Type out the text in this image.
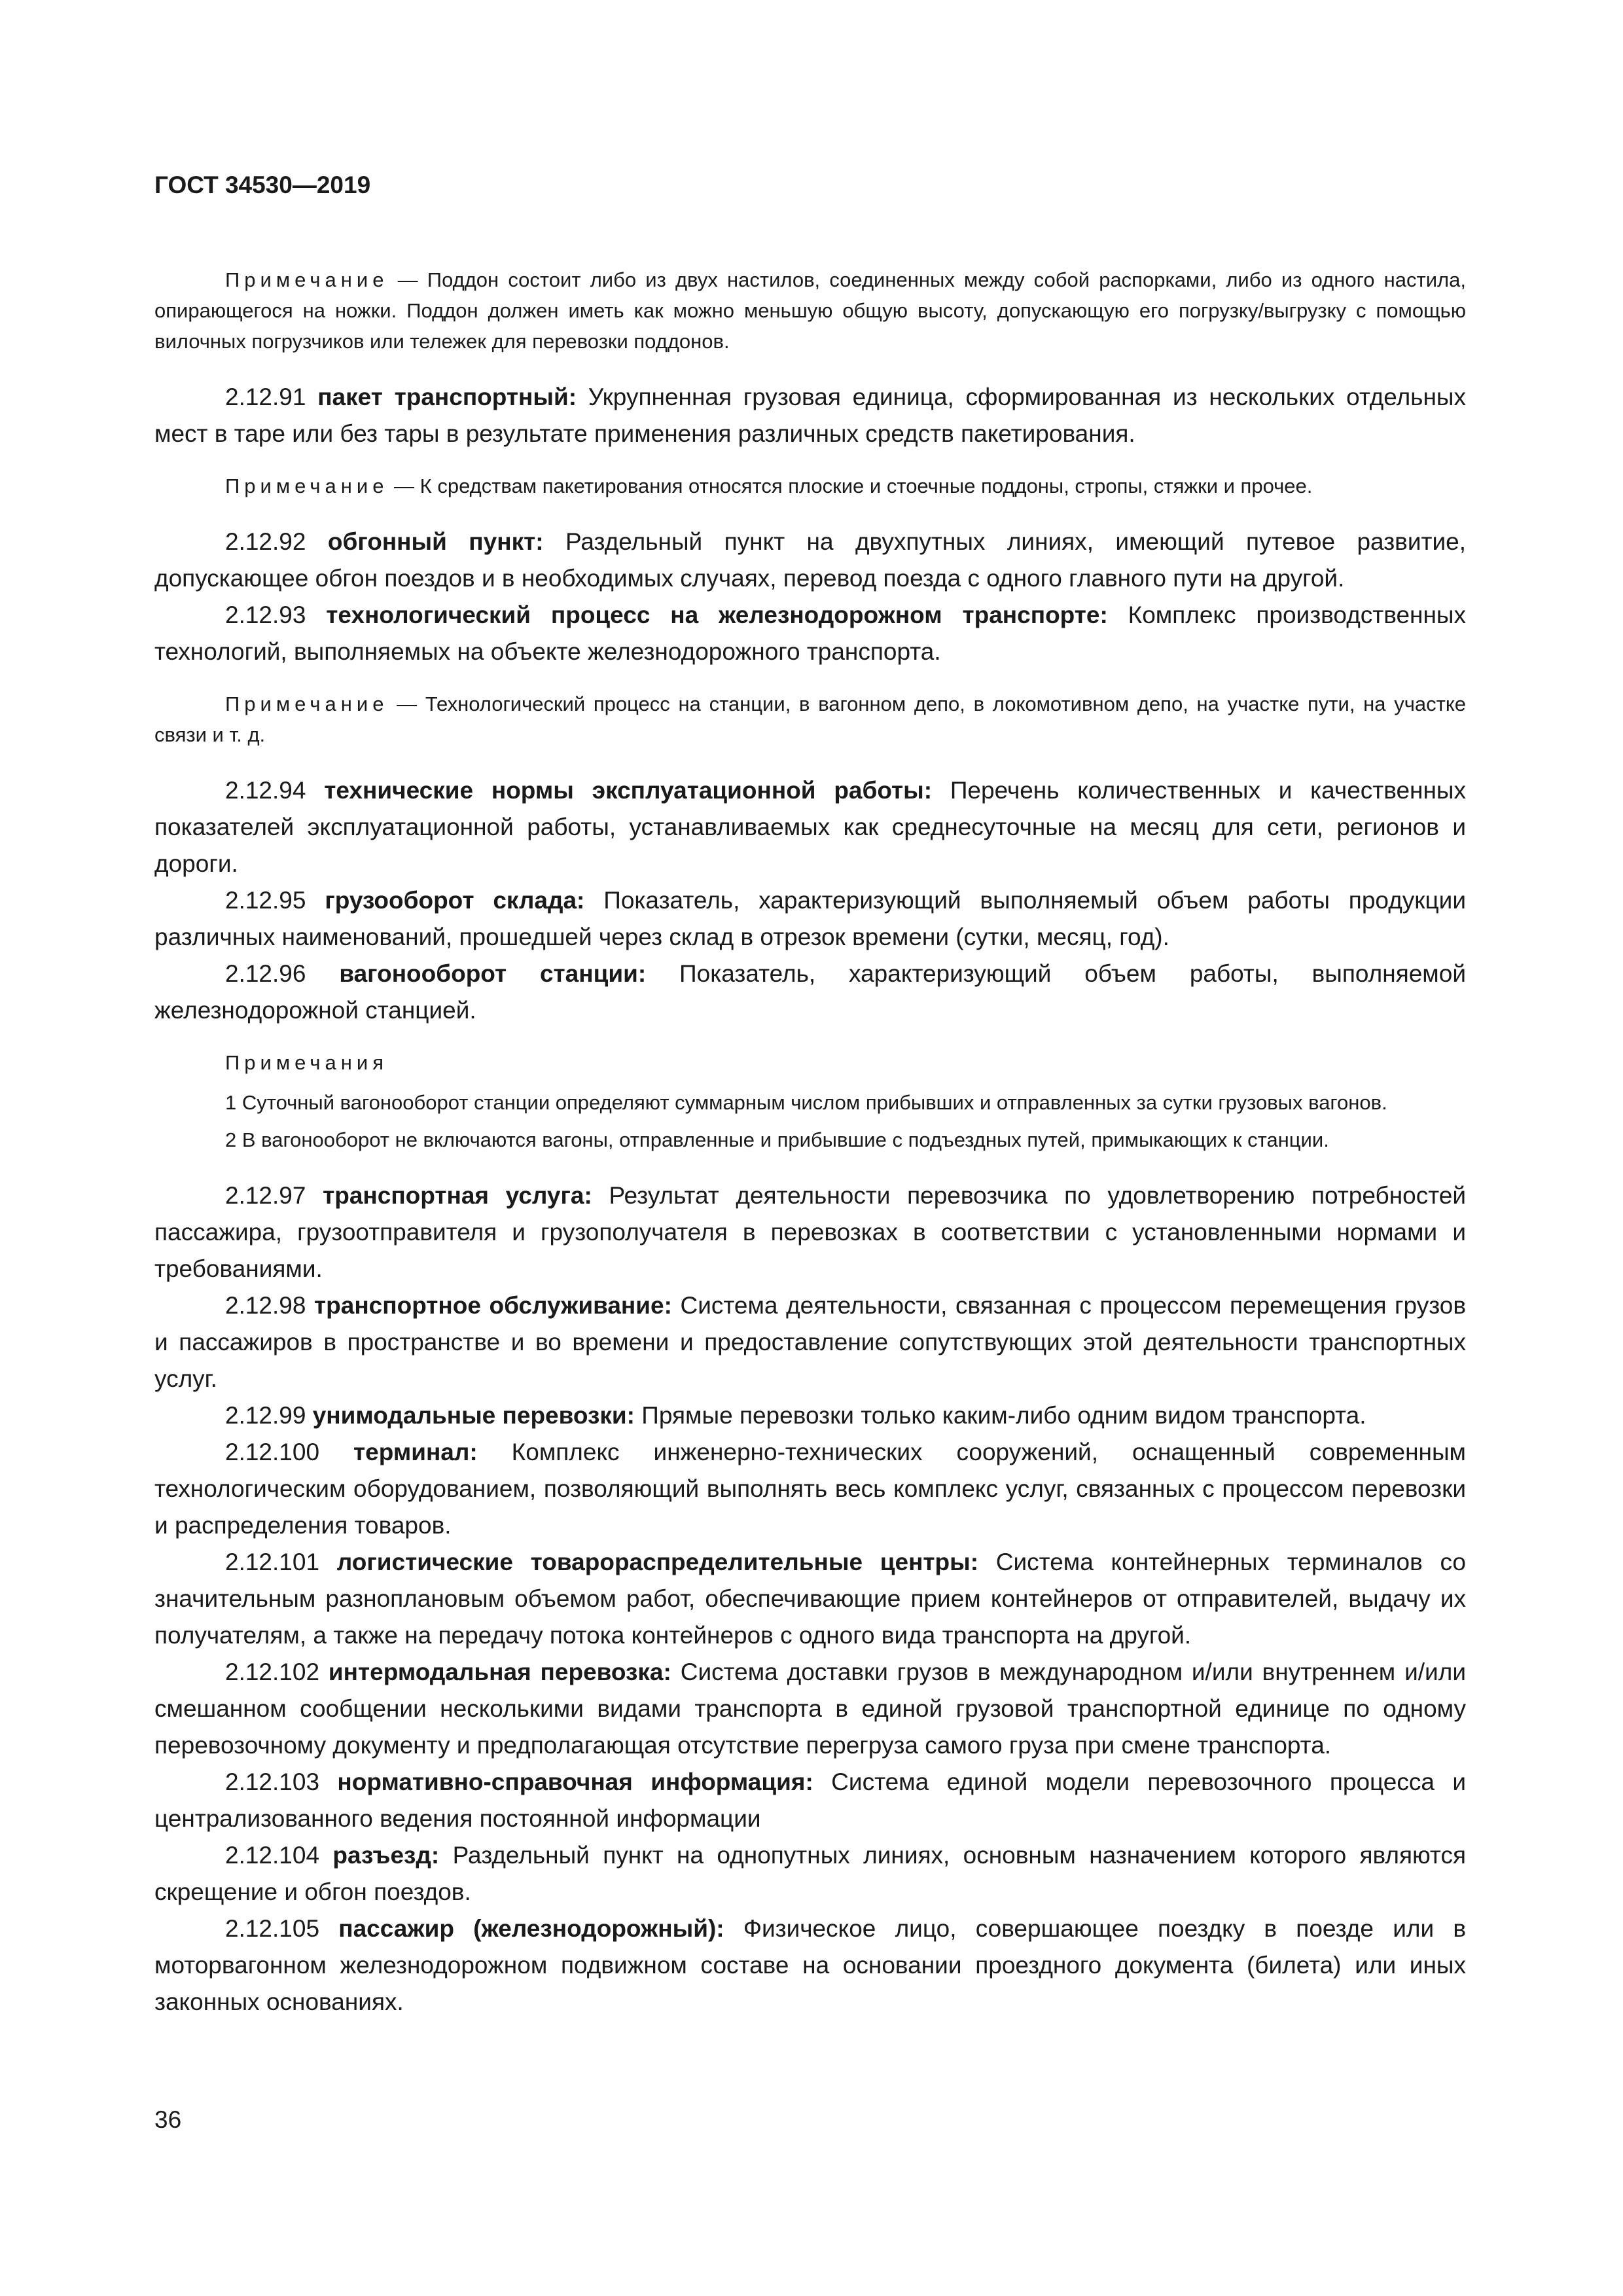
ГОСТ 34530—2019

Примечание — Поддон состоит либо из двух настилов, соединенных между собой распорками, либо из одного настила, опирающегося на ножки. Поддон должен иметь как можно меньшую общую высоту, допускающую его погрузку/выгрузку с помощью вилочных погрузчиков или тележек для перевозки поддонов.

2.12.91 пакет транспортный: Укрупненная грузовая единица, сформированная из нескольких отдельных мест в таре или без тары в результате применения различных средств пакетирования.

Примечание — К средствам пакетирования относятся плоские и стоечные поддоны, стропы, стяжки и прочее.

2.12.92 обгонный пункт: Раздельный пункт на двухпутных линиях, имеющий путевое развитие, допускающее обгон поездов и в необходимых случаях, перевод поезда с одного главного пути на другой.

2.12.93 технологический процесс на железнодорожном транспорте: Комплекс производственных технологий, выполняемых на объекте железнодорожного транспорта.

Примечание — Технологический процесс на станции, в вагонном депо, в локомотивном депо, на участке пути, на участке связи и т. д.

2.12.94 технические нормы эксплуатационной работы: Перечень количественных и качественных показателей эксплуатационной работы, устанавливаемых как среднесуточные на месяц для сети, регионов и дороги.

2.12.95 грузооборот склада: Показатель, характеризующий выполняемый объем работы продукции различных наименований, прошедшей через склад в отрезок времени (сутки, месяц, год).

2.12.96 вагонооборот станции: Показатель, характеризующий объем работы, выполняемой железнодорожной станцией.

Примечания

1 Суточный вагонооборот станции определяют суммарным числом прибывших и отправленных за сутки грузовых вагонов.

2 В вагонооборот не включаются вагоны, отправленные и прибывшие с подъездных путей, примыкающих к станции.

2.12.97 транспортная услуга: Результат деятельности перевозчика по удовлетворению потребностей пассажира, грузоотправителя и грузополучателя в перевозках в соответствии с установленными нормами и требованиями.

2.12.98 транспортное обслуживание: Система деятельности, связанная с процессом перемещения грузов и пассажиров в пространстве и во времени и предоставление сопутствующих этой деятельности транспортных услуг.

2.12.99 унимодальные перевозки: Прямые перевозки только каким-либо одним видом транспорта.

2.12.100 терминал: Комплекс инженерно-технических сооружений, оснащенный современным технологическим оборудованием, позволяющий выполнять весь комплекс услуг, связанных с процессом перевозки и распределения товаров.

2.12.101 логистические товарораспределительные центры: Система контейнерных терминалов со значительным разноплановым объемом работ, обеспечивающие прием контейнеров от отправителей, выдачу их получателям, а также на передачу потока контейнеров с одного вида транспорта на другой.

2.12.102 интермодальная перевозка: Система доставки грузов в международном и/или внутреннем и/или смешанном сообщении несколькими видами транспорта в единой грузовой транспортной единице по одному перевозочному документу и предполагающая отсутствие перегруза самого груза при смене транспорта.

2.12.103 нормативно-справочная информация: Система единой модели перевозочного процесса и централизованного ведения постоянной информации

2.12.104 разъезд: Раздельный пункт на однопутных линиях, основным назначением которого являются скрещение и обгон поездов.

2.12.105 пассажир (железнодорожный): Физическое лицо, совершающее поездку в поезде или в моторвагонном железнодорожном подвижном составе на основании проездного документа (билета) или иных законных основаниях.

36
